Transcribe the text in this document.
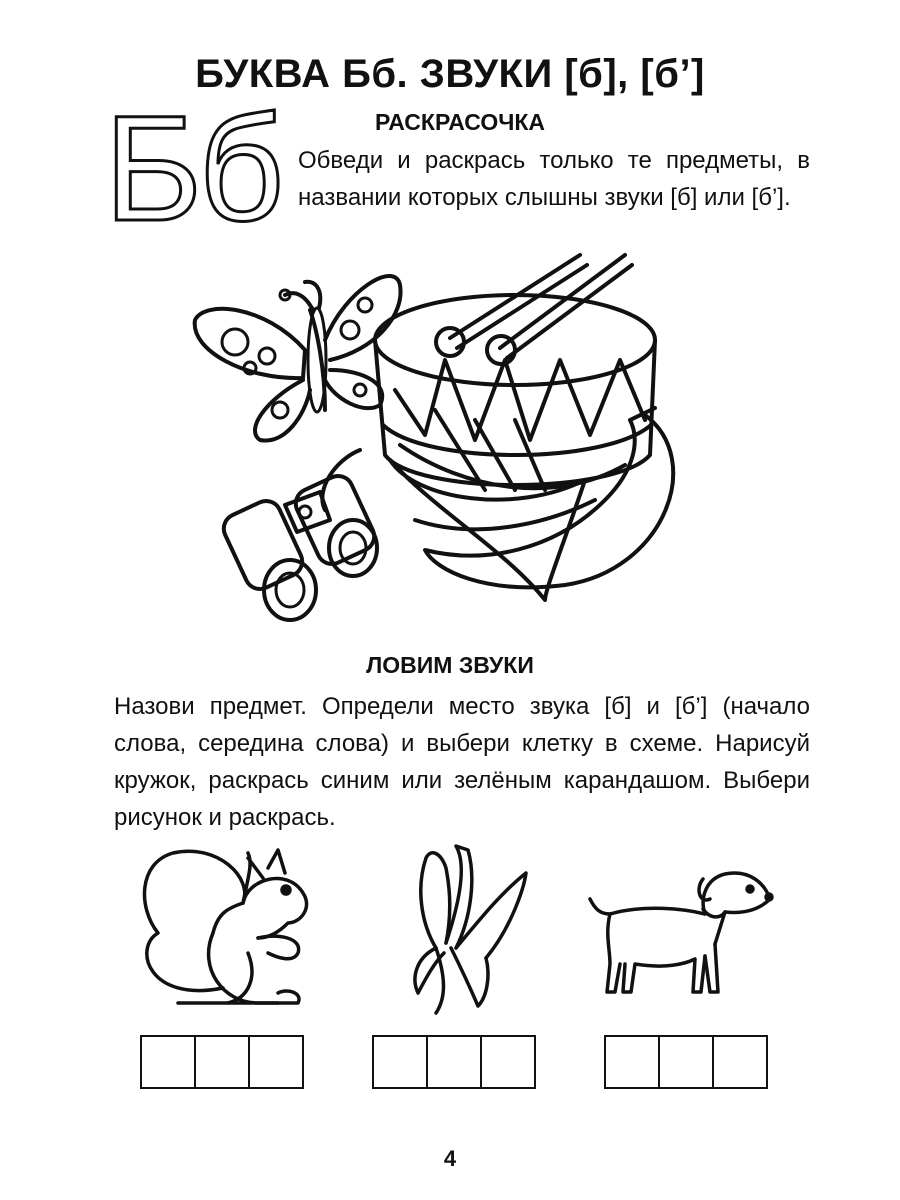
БУКВА Бб. ЗВУКИ [б], [б’]
Бб	РАСКРАСОЧКА

Обведи и раскрась только те предметы, в названии которых слышны звуки [б] или [б’].

ЛОВИМ ЗВУКИ

Назови предмет. Определи место звука [б] и [б’] (начало слова, середина слова) и выбери клетку в схеме. Нарисуй кружок, раскрась синим или зелёным карандашом. Выбери рисунок и раскрась.

4
